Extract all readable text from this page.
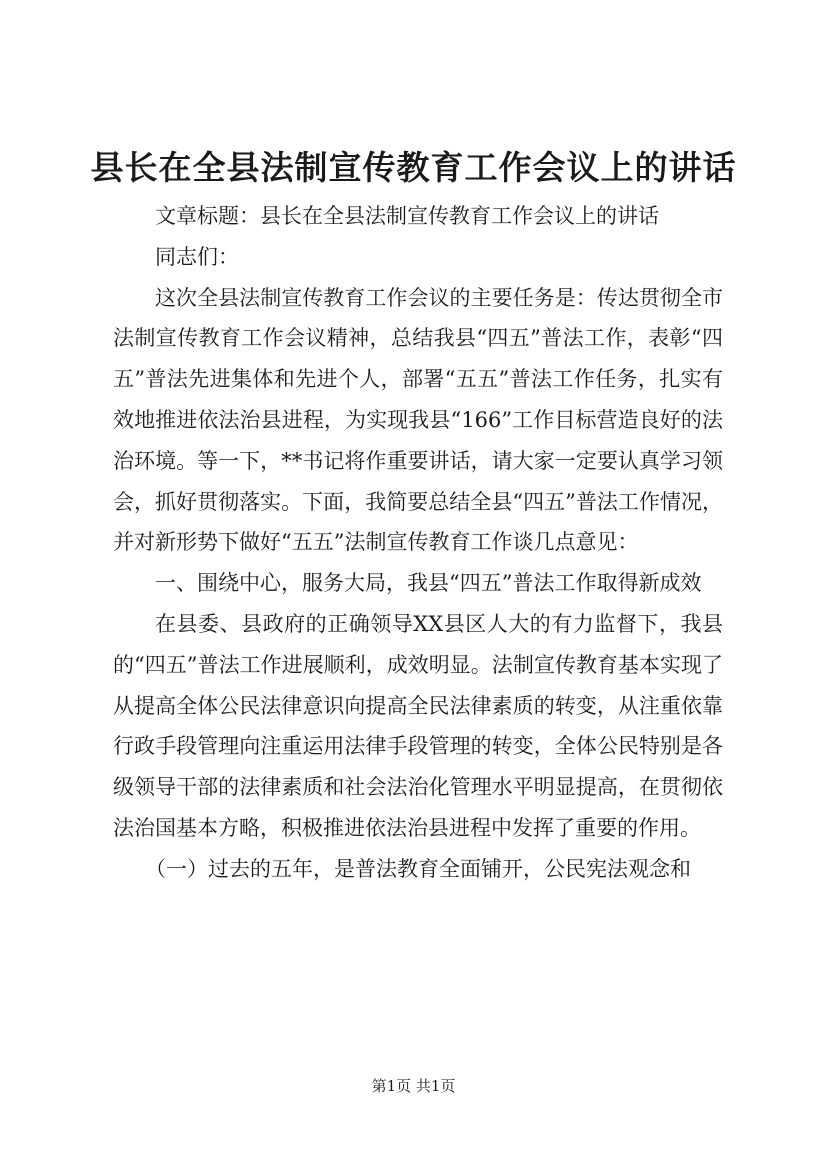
县长在全县法制宣传教育工作会议上的讲话

文章标题：县长在全县法制宣传教育工作会议上的讲话

同志们：

这次全县法制宣传教育工作会议的主要任务是：传达贯彻全市法制宣传教育工作会议精神，总结我县“四五”普法工作，表彰“四五”普法先进集体和先进个人，部署“五五”普法工作任务，扎实有效地推进依法治县进程，为实现我县“166”工作目标营造良好的法治环境。等一下，**书记将作重要讲话，请大家一定要认真学习领会，抓好贯彻落实。下面，我简要总结全县“四五”普法工作情况，并对新形势下做好“五五”法制宣传教育工作谈几点意见：

一、围绕中心，服务大局，我县“四五”普法工作取得新成效

在县委、县政府的正确领导XX县区人大的有力监督下，我县的“四五”普法工作进展顺利，成效明显。法制宣传教育基本实现了从提高全体公民法律意识向提高全民法律素质的转变，从注重依靠行政手段管理向注重运用法律手段管理的转变，全体公民特别是各级领导干部的法律素质和社会法治化管理水平明显提高，在贯彻依法治国基本方略，积极推进依法治县进程中发挥了重要的作用。

（一）过去的五年，是普法教育全面铺开，公民宪法观念和

第1页 共1页
